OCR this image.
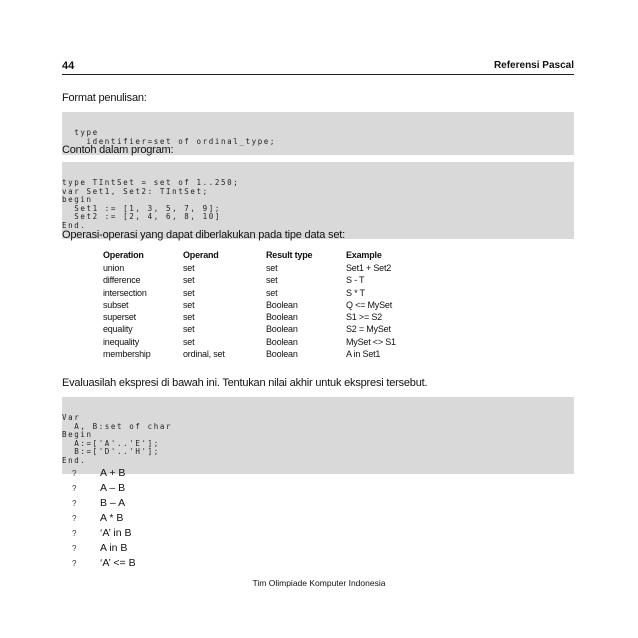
44	Referensi Pascal
Format penulisan:

type
identifier=set of ordinal_type;

Contoh dalam program:

type TIntSet = set of 1..250;
var Set1, Set2: TIntSet;
begin
Set1 := [1, 3, 5, 7, 9];
Set2 := [2, 4, 6, 8, 10]
End.

Operasi-operasi yang dapat diberlakukan pada tipe data set:
Operation	Operand	Result type	Example
union	set	set	Set1 + Set2
difference	set	set	S - T
intersection	set	set	S * T
subset	set	Boolean	Q <= MySet
superset	set	Boolean	S1 >= S2
equality	set	Boolean	S2 = MySet
inequality	set	Boolean	MySet <> S1
membership	ordinal, set	Boolean	A in Set1
Evaluasilah ekspresi di bawah ini. Tentukan nilai akhir untuk ekspresi tersebut.

Var
A, B:set of char
Begin
A:=['A'..'E'];
B:=['D'..'H'];
End.

?	A + B
?	A – B
?	B – A
?	A * B
?	‘A’ in B
?	A in B
?	‘A’ <= B
Tim Olimpiade Komputer Indonesia
